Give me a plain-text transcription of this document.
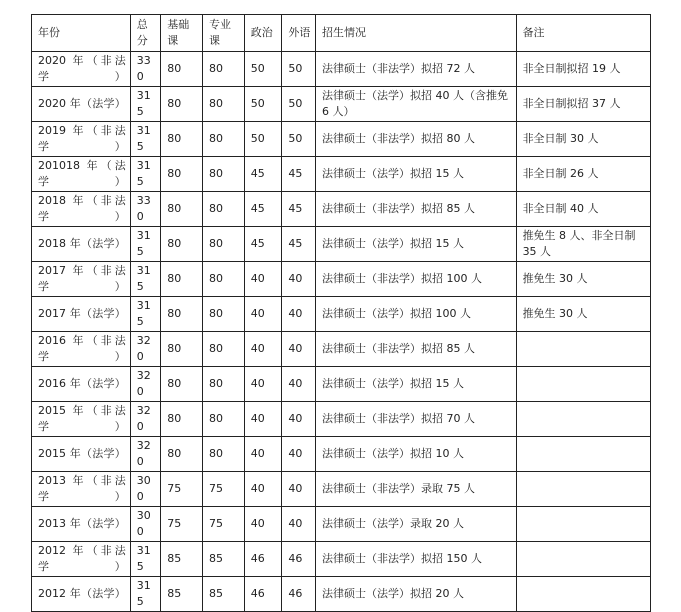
年份	总分	基础课	专业课	政治	外语	招生情况	备注
2020 年（非法学）	330	80	80	50	50	法律硕士（非法学）拟招 72 人	非全日制拟招 19 人
2020 年（法学）	315	80	80	50	50	法律硕士（法学）拟招 40 人（含推免 6 人）	非全日制拟招 37 人
2019 年（非法学）	315	80	80	50	50	法律硕士（非法学）拟招 80 人	非全日制 30 人
201018 年（法学）	315	80	80	45	45	法律硕士（法学）拟招 15 人	非全日制 26 人
2018 年（非法学）	330	80	80	45	45	法律硕士（非法学）拟招 85 人	非全日制 40 人
2018 年（法学）	315	80	80	45	45	法律硕士（法学）拟招 15 人	推免生 8 人、非全日制 35 人
2017 年（非法学）	315	80	80	40	40	法律硕士（非法学）拟招 100 人	推免生 30 人
2017 年（法学）	315	80	80	40	40	法律硕士（法学）拟招 100 人	推免生 30 人
2016 年（非法学）	320	80	80	40	40	法律硕士（非法学）拟招 85 人	
2016 年（法学）	320	80	80	40	40	法律硕士（法学）拟招 15 人	
2015 年（非法学）	320	80	80	40	40	法律硕士（非法学）拟招 70 人	
2015 年（法学）	320	80	80	40	40	法律硕士（法学）拟招 10 人	
2013 年（非法学）	300	75	75	40	40	法律硕士（非法学）录取 75 人	
2013 年（法学）	300	75	75	40	40	法律硕士（法学）录取 20 人	
2012 年（非法学）	315	85	85	46	46	法律硕士（非法学）拟招 150 人	
2012 年（法学）	315	85	85	46	46	法律硕士（法学）拟招 20 人	
